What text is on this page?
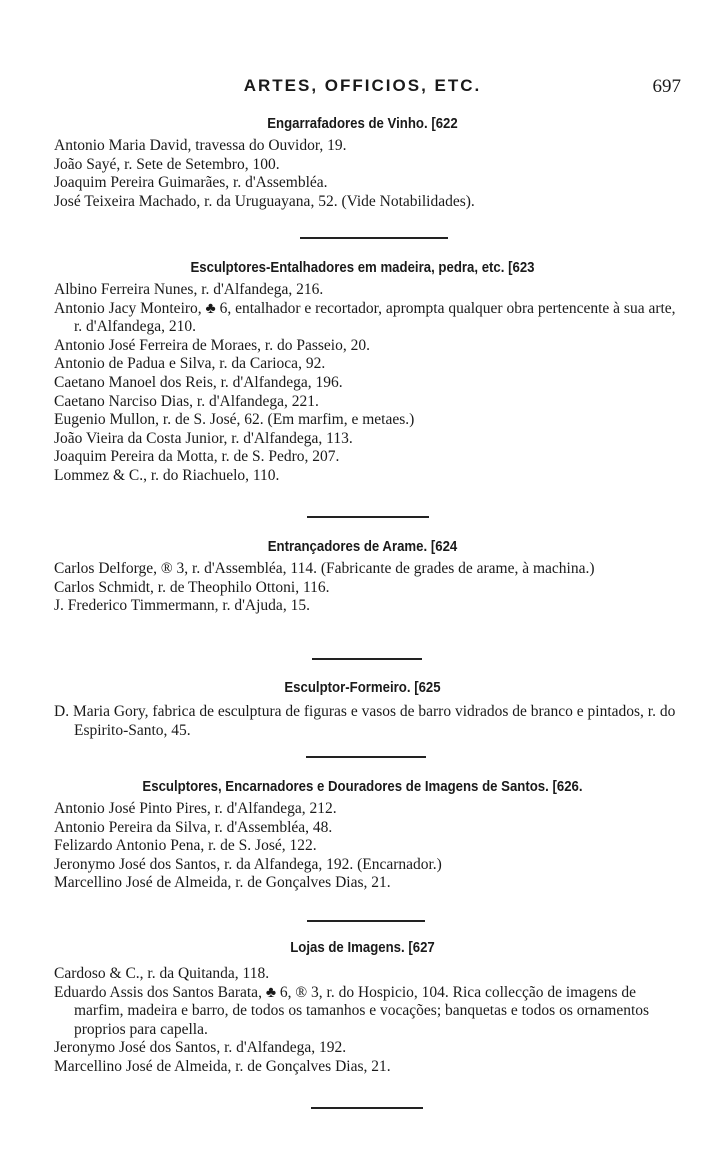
ARTES, OFFICIOS, ETC.	697
Engarrafadores de Vinho. [622
Antonio Maria David, travessa do Ouvidor, 19.
João Sayé, r. Sete de Setembro, 100.
Joaquim Pereira Guimarães, r. d'Assembléa.
José Teixeira Machado, r. da Uruguayana, 52. (Vide Notabilidades).
Esculptores-Entalhadores em madeira, pedra, etc. [623
Albino Ferreira Nunes, r. d'Alfandega, 216.
Antonio Jacy Monteiro, ♣ 6, entalhador e recortador, apromptа qualquer obra pertencente à sua arte, r. d'Alfandega, 210.
Antonio José Ferreira de Moraes, r. do Passeio, 20.
Antonio de Padua e Silva, r. da Carioca, 92.
Caetano Manoel dos Reis, r. d'Alfandega, 196.
Caetano Narciso Dias, r. d'Alfandega, 221.
Eugenio Mullon, r. de S. José, 62. (Em marfim, e metaes.)
João Vieira da Costa Junior, r. d'Alfandega, 113.
Joaquim Pereira da Motta, r. de S. Pedro, 207.
Lommez & C., r. do Riachuelo, 110.
Entrançadores de Arame. [624
Carlos Delforge, ® 3, r. d'Assembléa, 114. (Fabricante de grades de arame, à machina.)
Carlos Schmidt, r. de Theophilo Ottoni, 116.
J. Frederico Timmermann, r. d'Ajuda, 15.
Esculptor-Formeiro. [625
D. Maria Gory, fabrica de esculptura de figuras e vasos de barro vidrados de branco e pintados, r. do Espirito-Santo, 45.
Esculptores, Encarnadores e Douradores de Imagens de Santos. [626.
Antonio José Pinto Pires, r. d'Alfandega, 212.
Antonio Pereira da Silva, r. d'Assembléa, 48.
Felizardo Antonio Pena, r. de S. José, 122.
Jeronymo José dos Santos, r. da Alfandega, 192. (Encarnador.)
Marcellino José de Almeida, r. de Gonçalves Dias, 21.
Lojas de Imagens. [627
Cardoso & C., r. da Quitanda, 118.
Eduardo Assis dos Santos Barata, ♣ 6, ® 3, r. do Hospicio, 104. Rica collecção de imagens de marfim, madeira e barro, de todos os tamanhos e vocações; banquetas e todos os ornamentos proprios para capella.
Jeronymo José dos Santos, r. d'Alfandega, 192.
Marcellino José de Almeida, r. de Gonçalves Dias, 21.
